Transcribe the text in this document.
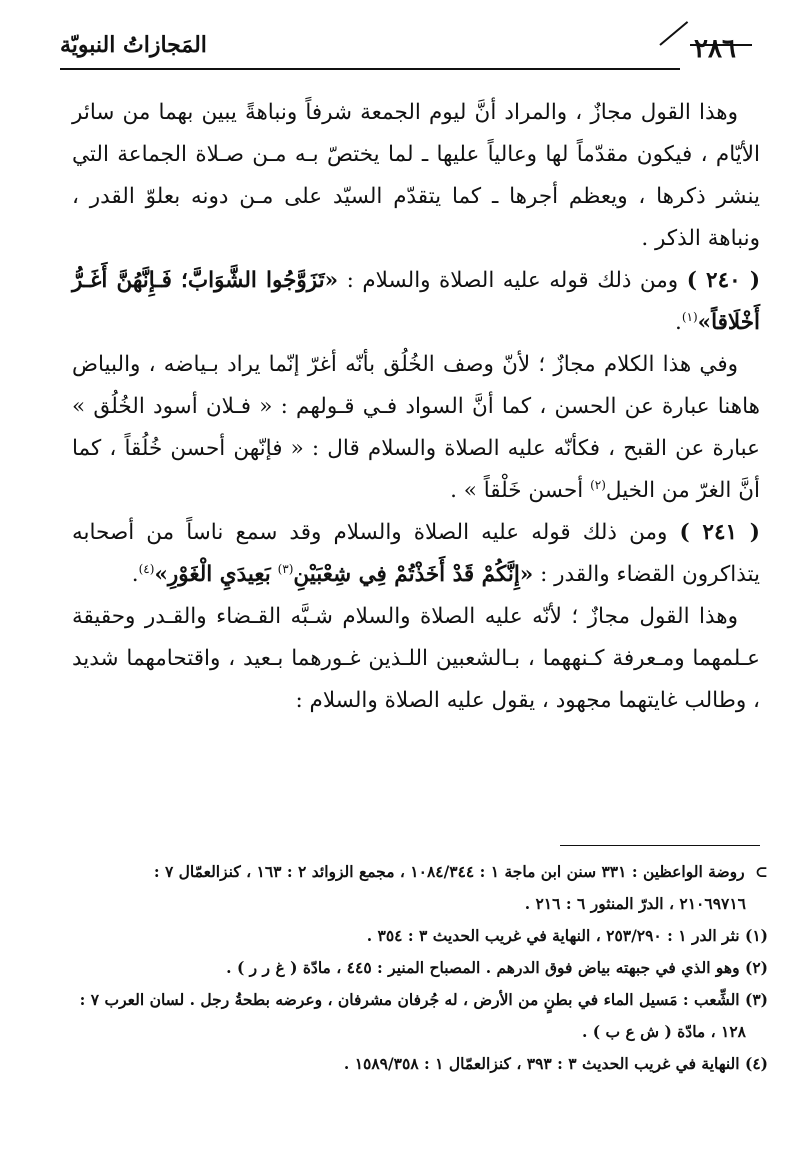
٢٨٦
المَجازاتُ النبويّة

وهذا القول مجازٌ ، والمراد أنَّ ليوم الجمعة شرفاً ونباهةً يبين بهما من سائر الأيّام ، فيكون مقدّماً لها وعالياً عليها ـ لما يختصّ بـه مـن صـلاة الجماعة التي ينشر ذكرها ، ويعظم أجرها ـ كما يتقدّم السيّد على مـن دونه بعلوّ القدر ، ونباهة الذكر .

( ٢٤٠ ) ومن ذلك قوله عليه الصلاة والسلام : «تَزَوَّجُوا الشَّوَابَّ؛ فَـإِنَّهُنَّ أَغَـرُّ أَخْلَاقاً»$^{(١)}$.

وفي هذا الكلام مجازٌ ؛ لأنّ وصف الخُلُق بأنّه أغرّ إنّما يراد بـياضه ، والبياض هاهنا عبارة عن الحسن ، كما أنَّ السواد فـي قـولهم : « فـلان أسود الخُلُق » عبارة عن القبح ، فكأنّه عليه الصلاة والسلام قال : « فإنّهن أحسن خُلُقاً ، كما أنَّ الغرّ من الخيل$^{(٢)}$ أحسن خَلْقاً » .

( ٢٤١ ) ومن ذلك قوله عليه الصلاة والسلام وقد سمع ناساً من أصحابه يتذاكرون القضاء والقدر : «إِنَّكُمْ قَدْ أَخَذْتُمْ فِي شِعْبَيْنِ$^{(٣)}$ بَعِيدَيِ الْغَوْرِ»$^{(٤)}$.

وهذا القول مجازٌ ؛ لأنّه عليه الصلاة والسلام شـبَّه القـضاء والقـدر وحقيقة عـلمهما ومـعرفة كـنههما ، بـالشعبين اللـذين غـورهما بـعيد ، واقتحامهما شديد ، وطالب غايتهما مجهود ، يقول عليه الصلاة والسلام :

⊃ روضة الواعظين : ٣٣١ سنن ابن ماجة ١ : ١٠٨٤/٣٤٤ ، مجمع الزوائد ٢ : ١٦٣ ، كنزالعمّال ٧ :

٢١٠٦٩٧١٦ ، الدرّ المنثور ٦ : ٢١٦ .

(١) نثر الدر ١ : ٢٥٣/٢٩٠ ، النهاية في غريب الحديث ٣ : ٣٥٤ .

(٢) وهو الذي في جبهته بياض فوق الدرهم . المصباح المنير : ٤٤٥ ، مادّة ( غ ر ر ) .

(٣) الشِّعب : مَسيل الماء في بطنٍ من الأرض ، له جُرفان مشرفان ، وعرضه بطحةُ رجل . لسان العرب ٧ :

١٢٨ ، مادّة ( ش ع ب ) .

(٤) النهاية في غريب الحديث ٣ : ٣٩٣ ، كنزالعمّال ١ : ١٥٨٩/٣٥٨ .
